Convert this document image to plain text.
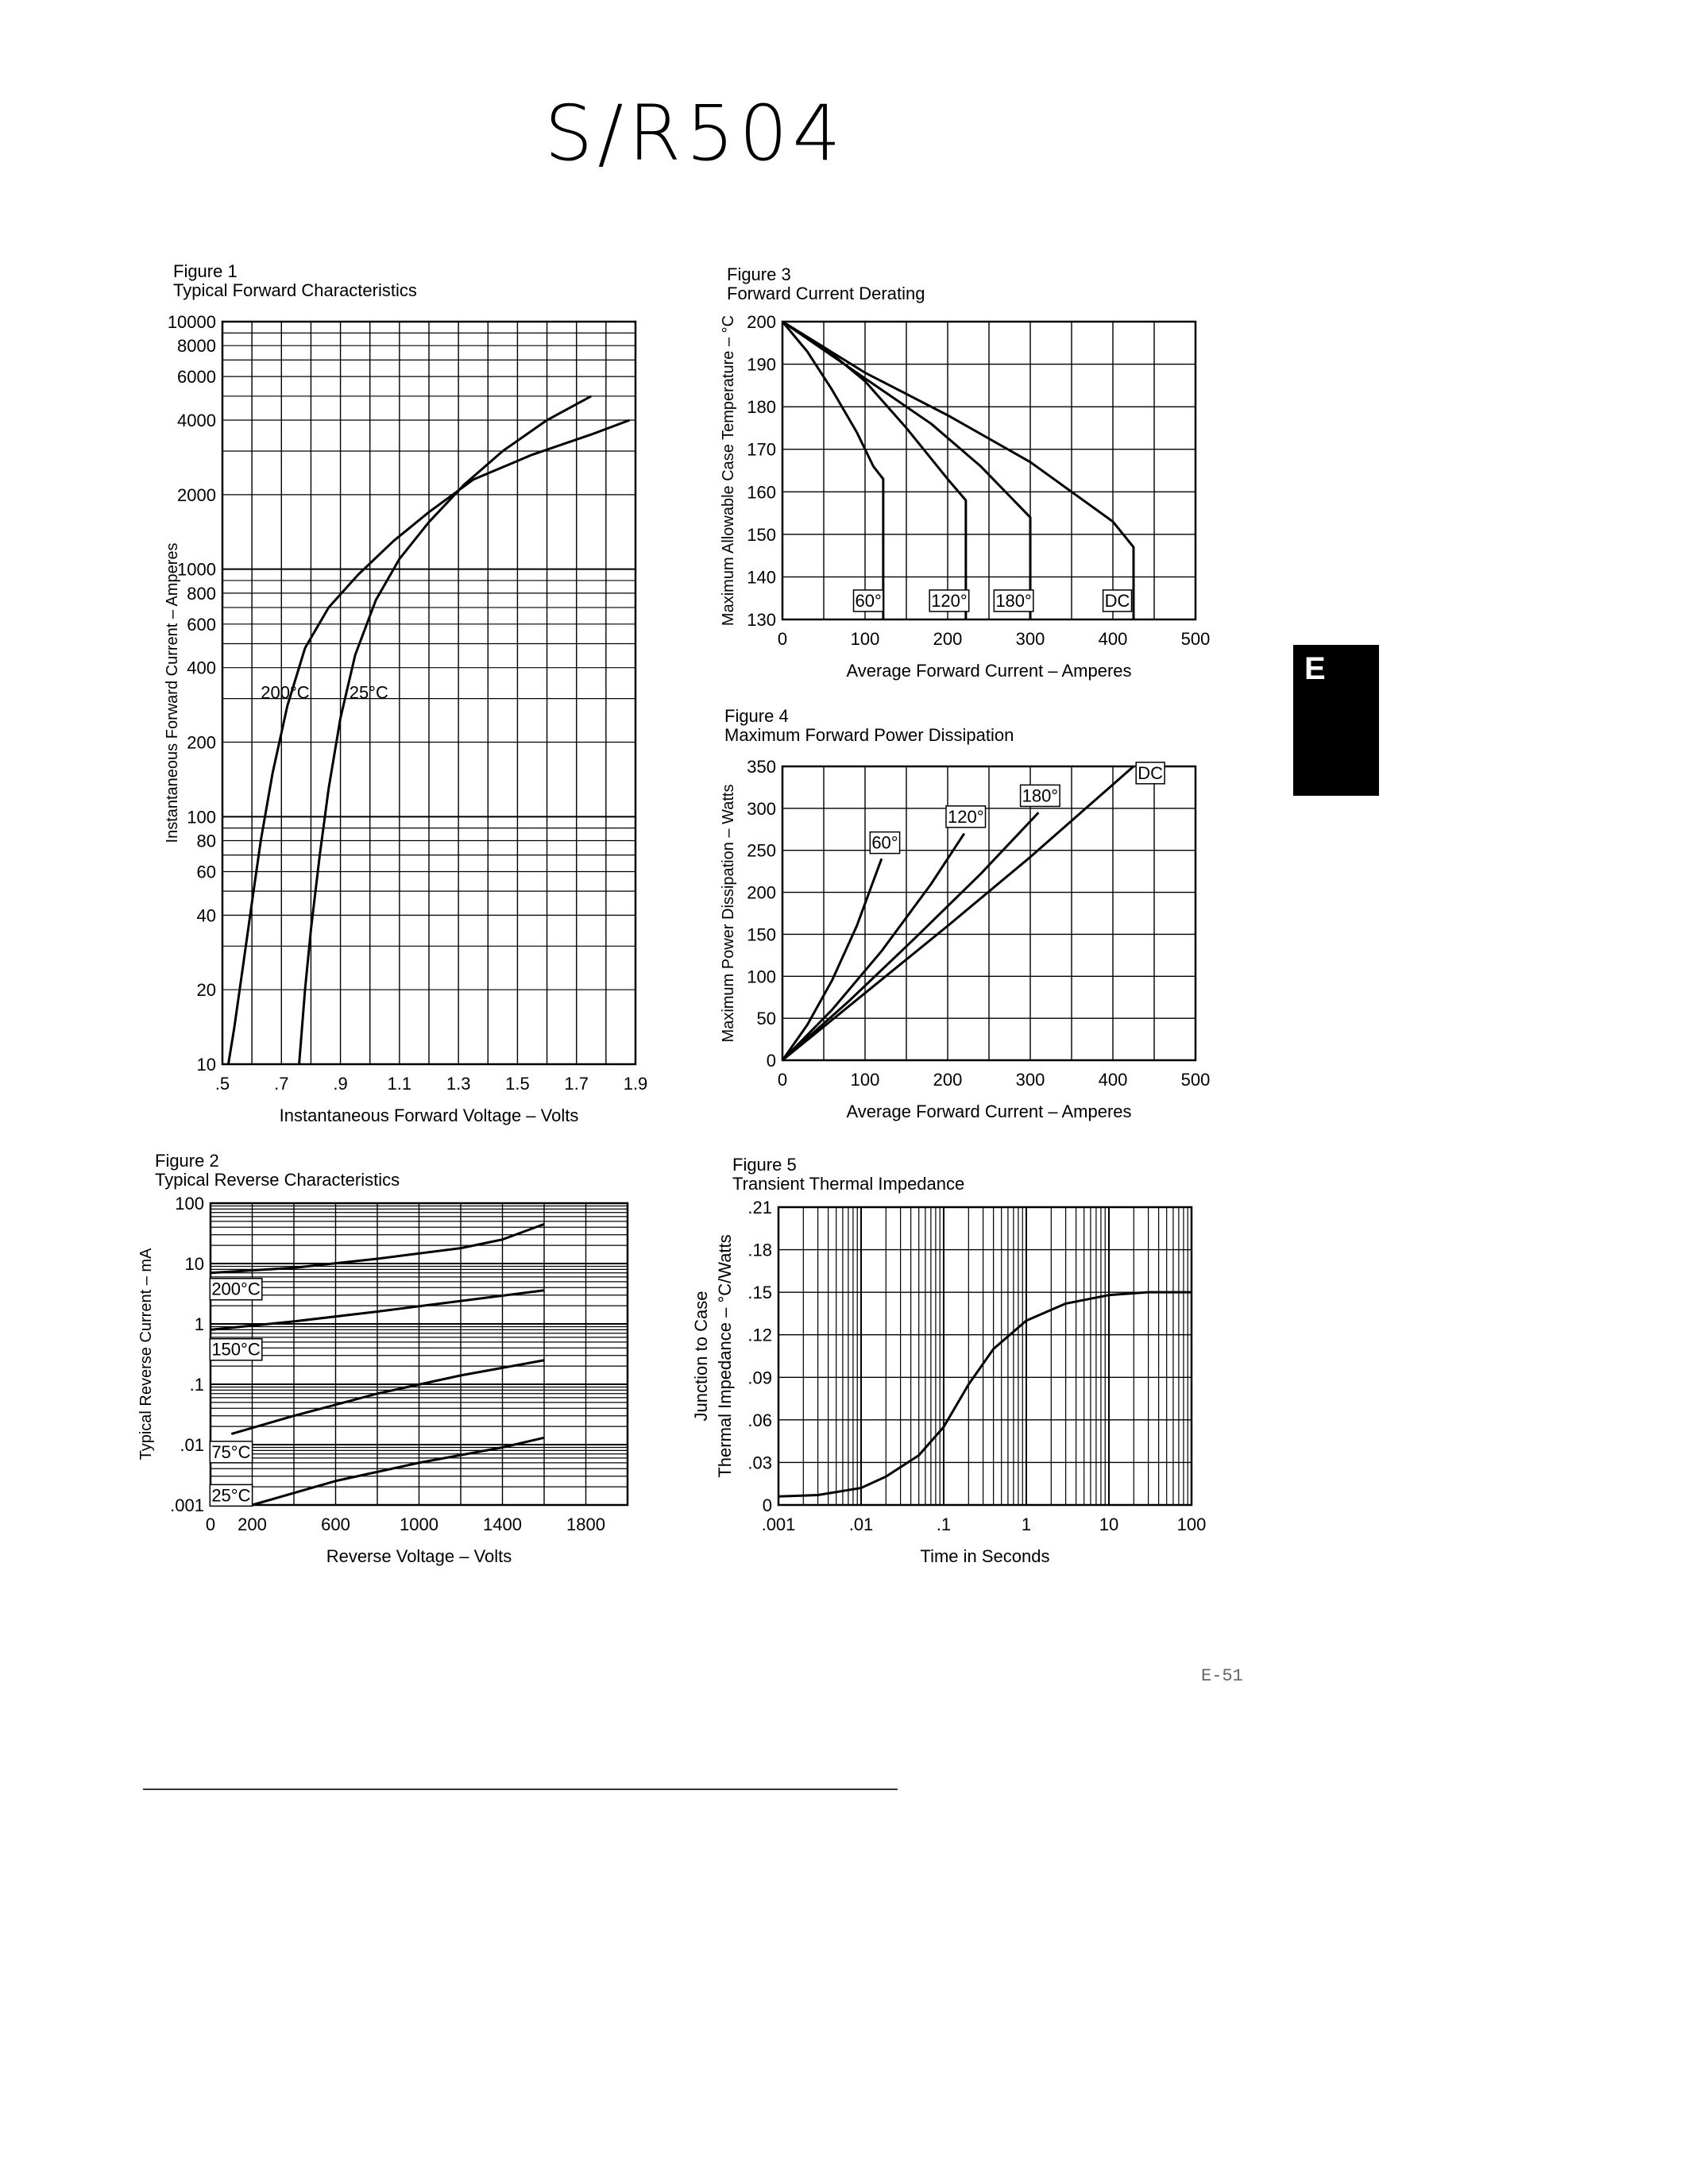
S/R504
Figure 1
Typical Forward Characteristics
.5	.7	.9 1.1 1.3 1.5 1.7 1.9
10
20
40
60
80
100
200
400
600
800
1000
2000
4000
6000
8000
10000
Instantaneous Forward Voltage – Volts
Instantaneous Forward Current – Amperes	200°C 25°C
Figure 2
Typical Reverse Characteristics
0 200	600	1000	1400	1800
.001
.01
.1
1
10
100
Reverse Voltage – Volts
Typical Reverse Current – mA	200°C
150°C
75°C
25°C
Figure 3
Forward Current Derating
0	100	200	300	400	500
130
140
150
160
170
180
190
200
Average Forward Current – Amperes
Maximum Allowable Case Temperature – °C	60°	120° 180°	DC
Figure 4
Maximum Forward Power Dissipation
0	100	200	300	400	500
0
50
100
150
200
250
300
350
Average Forward Current – Amperes
Maximum Power Dissipation – Watts	60°
120°
180°
DC
Figure 5
Transient Thermal Impedance
.001	.01	.1	1	10	100
0
.03
.06
.09
.12
.15
.18
.21
Time in Seconds
Junction to Case Thermal Impedance – °C/Watts
E
E-51
